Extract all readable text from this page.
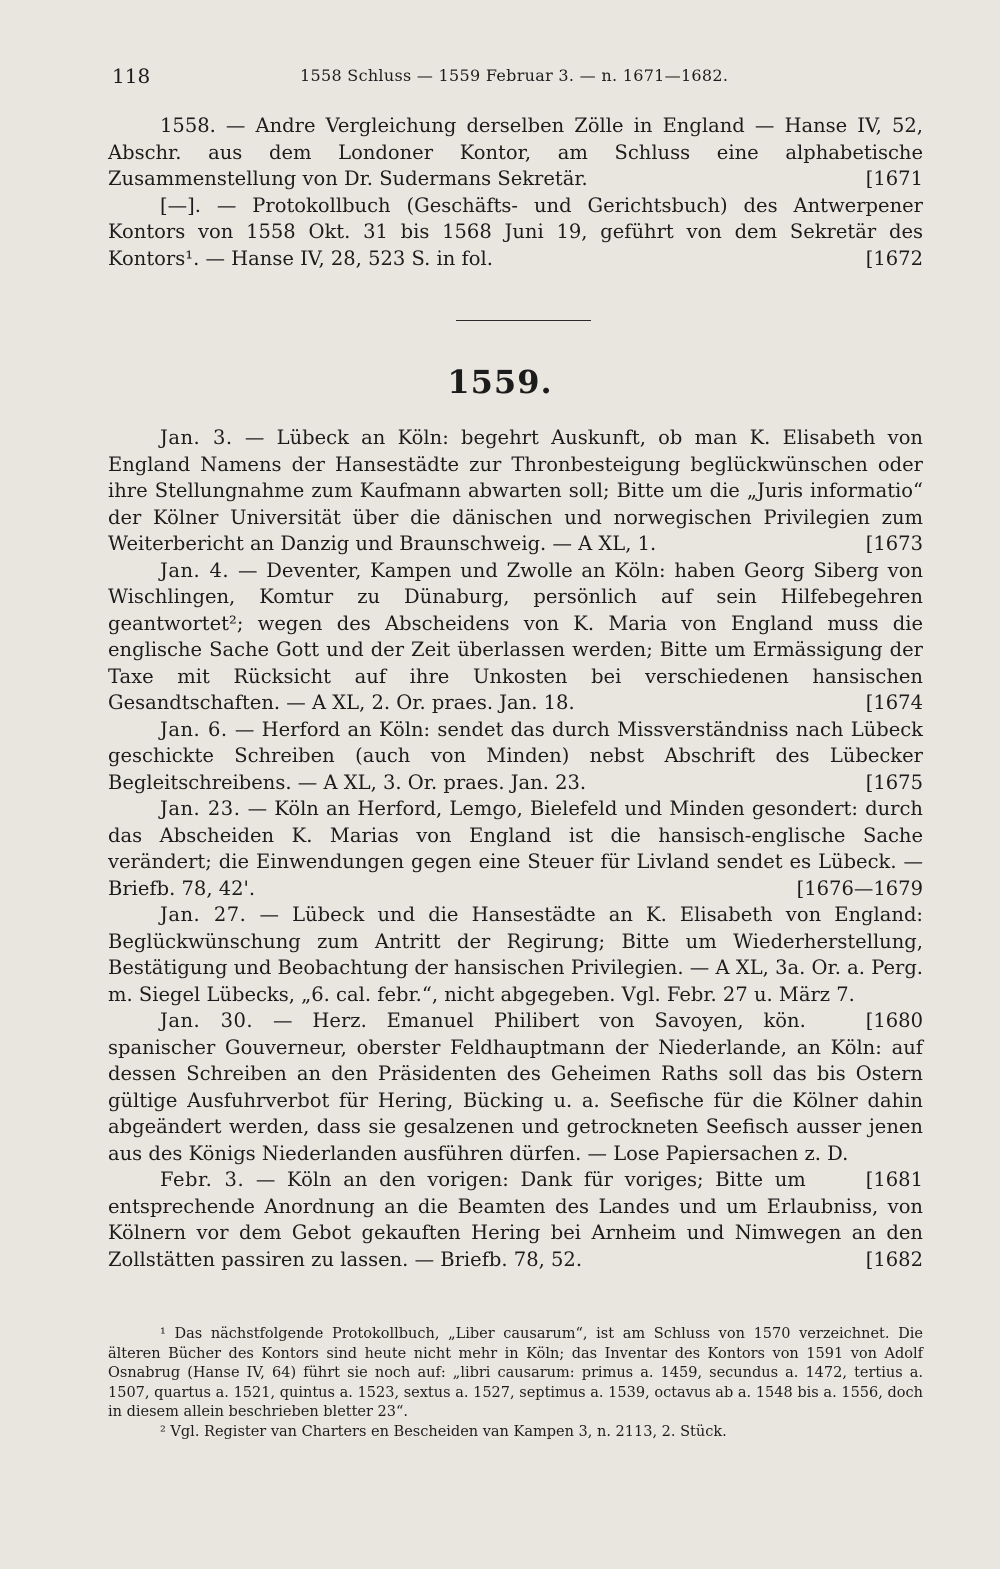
118	1558 Schluss — 1559 Februar 3. — n. 1671—1682.

1558. — Andre Vergleichung derselben Zölle in England — Hanse IV, 52, Abschr. aus dem Londoner Kontor, am Schluss eine alphabetische Zusammenstellung von Dr. Sudermans Sekretär.	[1671

[—]. — Protokollbuch (Geschäfts- und Gerichtsbuch) des Antwerpener Kontors von 1558 Okt. 31 bis 1568 Juni 19, geführt von dem Sekretär des Kontors¹. — Hanse IV, 28, 523 S. in fol.	[1672

1559.

Jan. 3. — Lübeck an Köln: begehrt Auskunft, ob man K. Elisabeth von England Namens der Hansestädte zur Thronbesteigung beglückwünschen oder ihre Stellungnahme zum Kaufmann abwarten soll; Bitte um die „Juris informatio“ der Kölner Universität über die dänischen und norwegischen Privilegien zum Weiterbericht an Danzig und Braunschweig. — A XL, 1.	[1673

Jan. 4. — Deventer, Kampen und Zwolle an Köln: haben Georg Siberg von Wischlingen, Komtur zu Dünaburg, persönlich auf sein Hilfebegehren geantwortet²; wegen des Abscheidens von K. Maria von England muss die englische Sache Gott und der Zeit überlassen werden; Bitte um Ermässigung der Taxe mit Rücksicht auf ihre Unkosten bei verschiedenen hansischen Gesandtschaften. — A XL, 2. Or. praes. Jan. 18.	[1674

Jan. 6. — Herford an Köln: sendet das durch Missverständniss nach Lübeck geschickte Schreiben (auch von Minden) nebst Abschrift des Lübecker Begleitschreibens. — A XL, 3. Or. praes. Jan. 23.	[1675

Jan. 23. — Köln an Herford, Lemgo, Bielefeld und Minden gesondert: durch das Abscheiden K. Marias von England ist die hansisch-englische Sache verändert; die Einwendungen gegen eine Steuer für Livland sendet es Lübeck. — Briefb. 78, 42'.	[1676—1679

Jan. 27. — Lübeck und die Hansestädte an K. Elisabeth von England: Beglückwünschung zum Antritt der Regirung; Bitte um Wiederherstellung, Bestätigung und Beobachtung der hansischen Privilegien. — A XL, 3a. Or. a. Perg. m. Siegel Lübecks, „6. cal. febr.“, nicht abgegeben. Vgl. Febr. 27 u. März 7.
[1680

Jan. 30. — Herz. Emanuel Philibert von Savoyen, kön. spanischer Gouverneur, oberster Feldhauptmann der Niederlande, an Köln: auf dessen Schreiben an den Präsidenten des Geheimen Raths soll das bis Ostern gültige Ausfuhrverbot für Hering, Bücking u. a. Seefische für die Kölner dahin abgeändert werden, dass sie gesalzenen und getrockneten Seefisch ausser jenen aus des Königs Niederlanden ausführen dürfen. — Lose Papiersachen z. D.
[1681

Febr. 3. — Köln an den vorigen: Dank für voriges; Bitte um entsprechende Anordnung an die Beamten des Landes und um Erlaubniss, von Kölnern vor dem Gebot gekauften Hering bei Arnheim und Nimwegen an den Zollstätten passiren zu lassen. — Briefb. 78, 52.	[1682

¹ Das nächstfolgende Protokollbuch, „Liber causarum“, ist am Schluss von 1570 verzeichnet. Die älteren Bücher des Kontors sind heute nicht mehr in Köln; das Inventar des Kontors von 1591 von Adolf Osnabrug (Hanse IV, 64) führt sie noch auf: „libri causarum: primus a. 1459, secundus a. 1472, tertius a. 1507, quartus a. 1521, quintus a. 1523, sextus a. 1527, septimus a. 1539, octavus ab a. 1548 bis a. 1556, doch in diesem allein beschrieben bletter 23“.

² Vgl. Register van Charters en Bescheiden van Kampen 3, n. 2113, 2. Stück.
